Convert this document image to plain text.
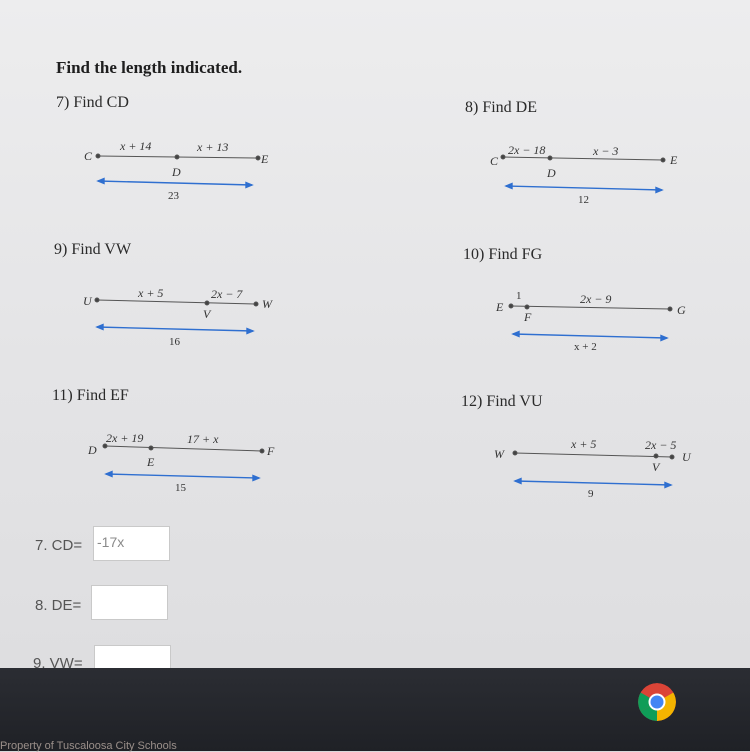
Find the length indicated.
7) Find CD	8) Find DE
9) Find VW	10) Find FG
11) Find EF	12) Find VU
C
D
E
x + 14	x + 13
23
C
D
E
2x − 18	x − 3
12
U
V
W
x + 5	2x − 7
16
E
F	G
1	2x − 9
x + 2
D
E
F
2x + 19	17 + x
15
W
V
U
x + 5	2x − 5
9
7. CD= -17x
8. DE=
9. VW=
Property of Tuscaloosa City Schools
